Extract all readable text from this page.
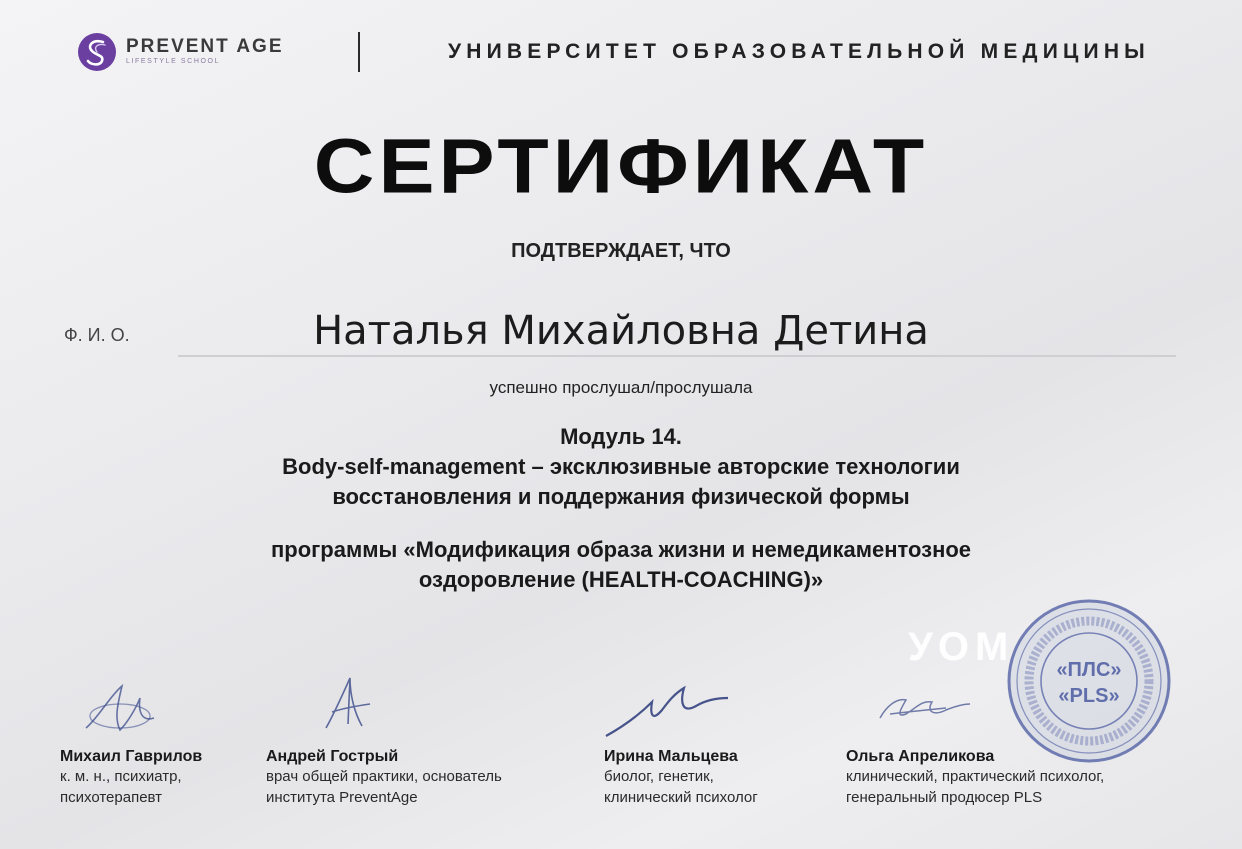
PREVENT AGE
LIFESTYLE SCHOOL	УНИВЕРСИТЕТ ОБРАЗОВАТЕЛЬНОЙ МЕДИЦИНЫ
СЕРТИФИКАТ
ПОДТВЕРЖДАЕТ, ЧТО
Ф. И. О.	Наталья Михайловна Детина
успешно прослушал/прослушала
Модуль 14.
Body-self-management – эксклюзивные авторские технологии
восстановления и поддержания физической формы
программы «Модификация образа жизни и немедикаментозное
оздоровление (HEALTH-COACHING)»
УОМ
«ПЛС»
«PLS»
Михаил Гаврилов
к. м. н., психиатр,
психотерапевт
Андрей Гострый
врач общей практики, основатель
института PreventAge
Ирина Мальцева
биолог, генетик,
клинический психолог
Ольга Апреликова
клинический, практический психолог,
генеральный продюсер PLS
